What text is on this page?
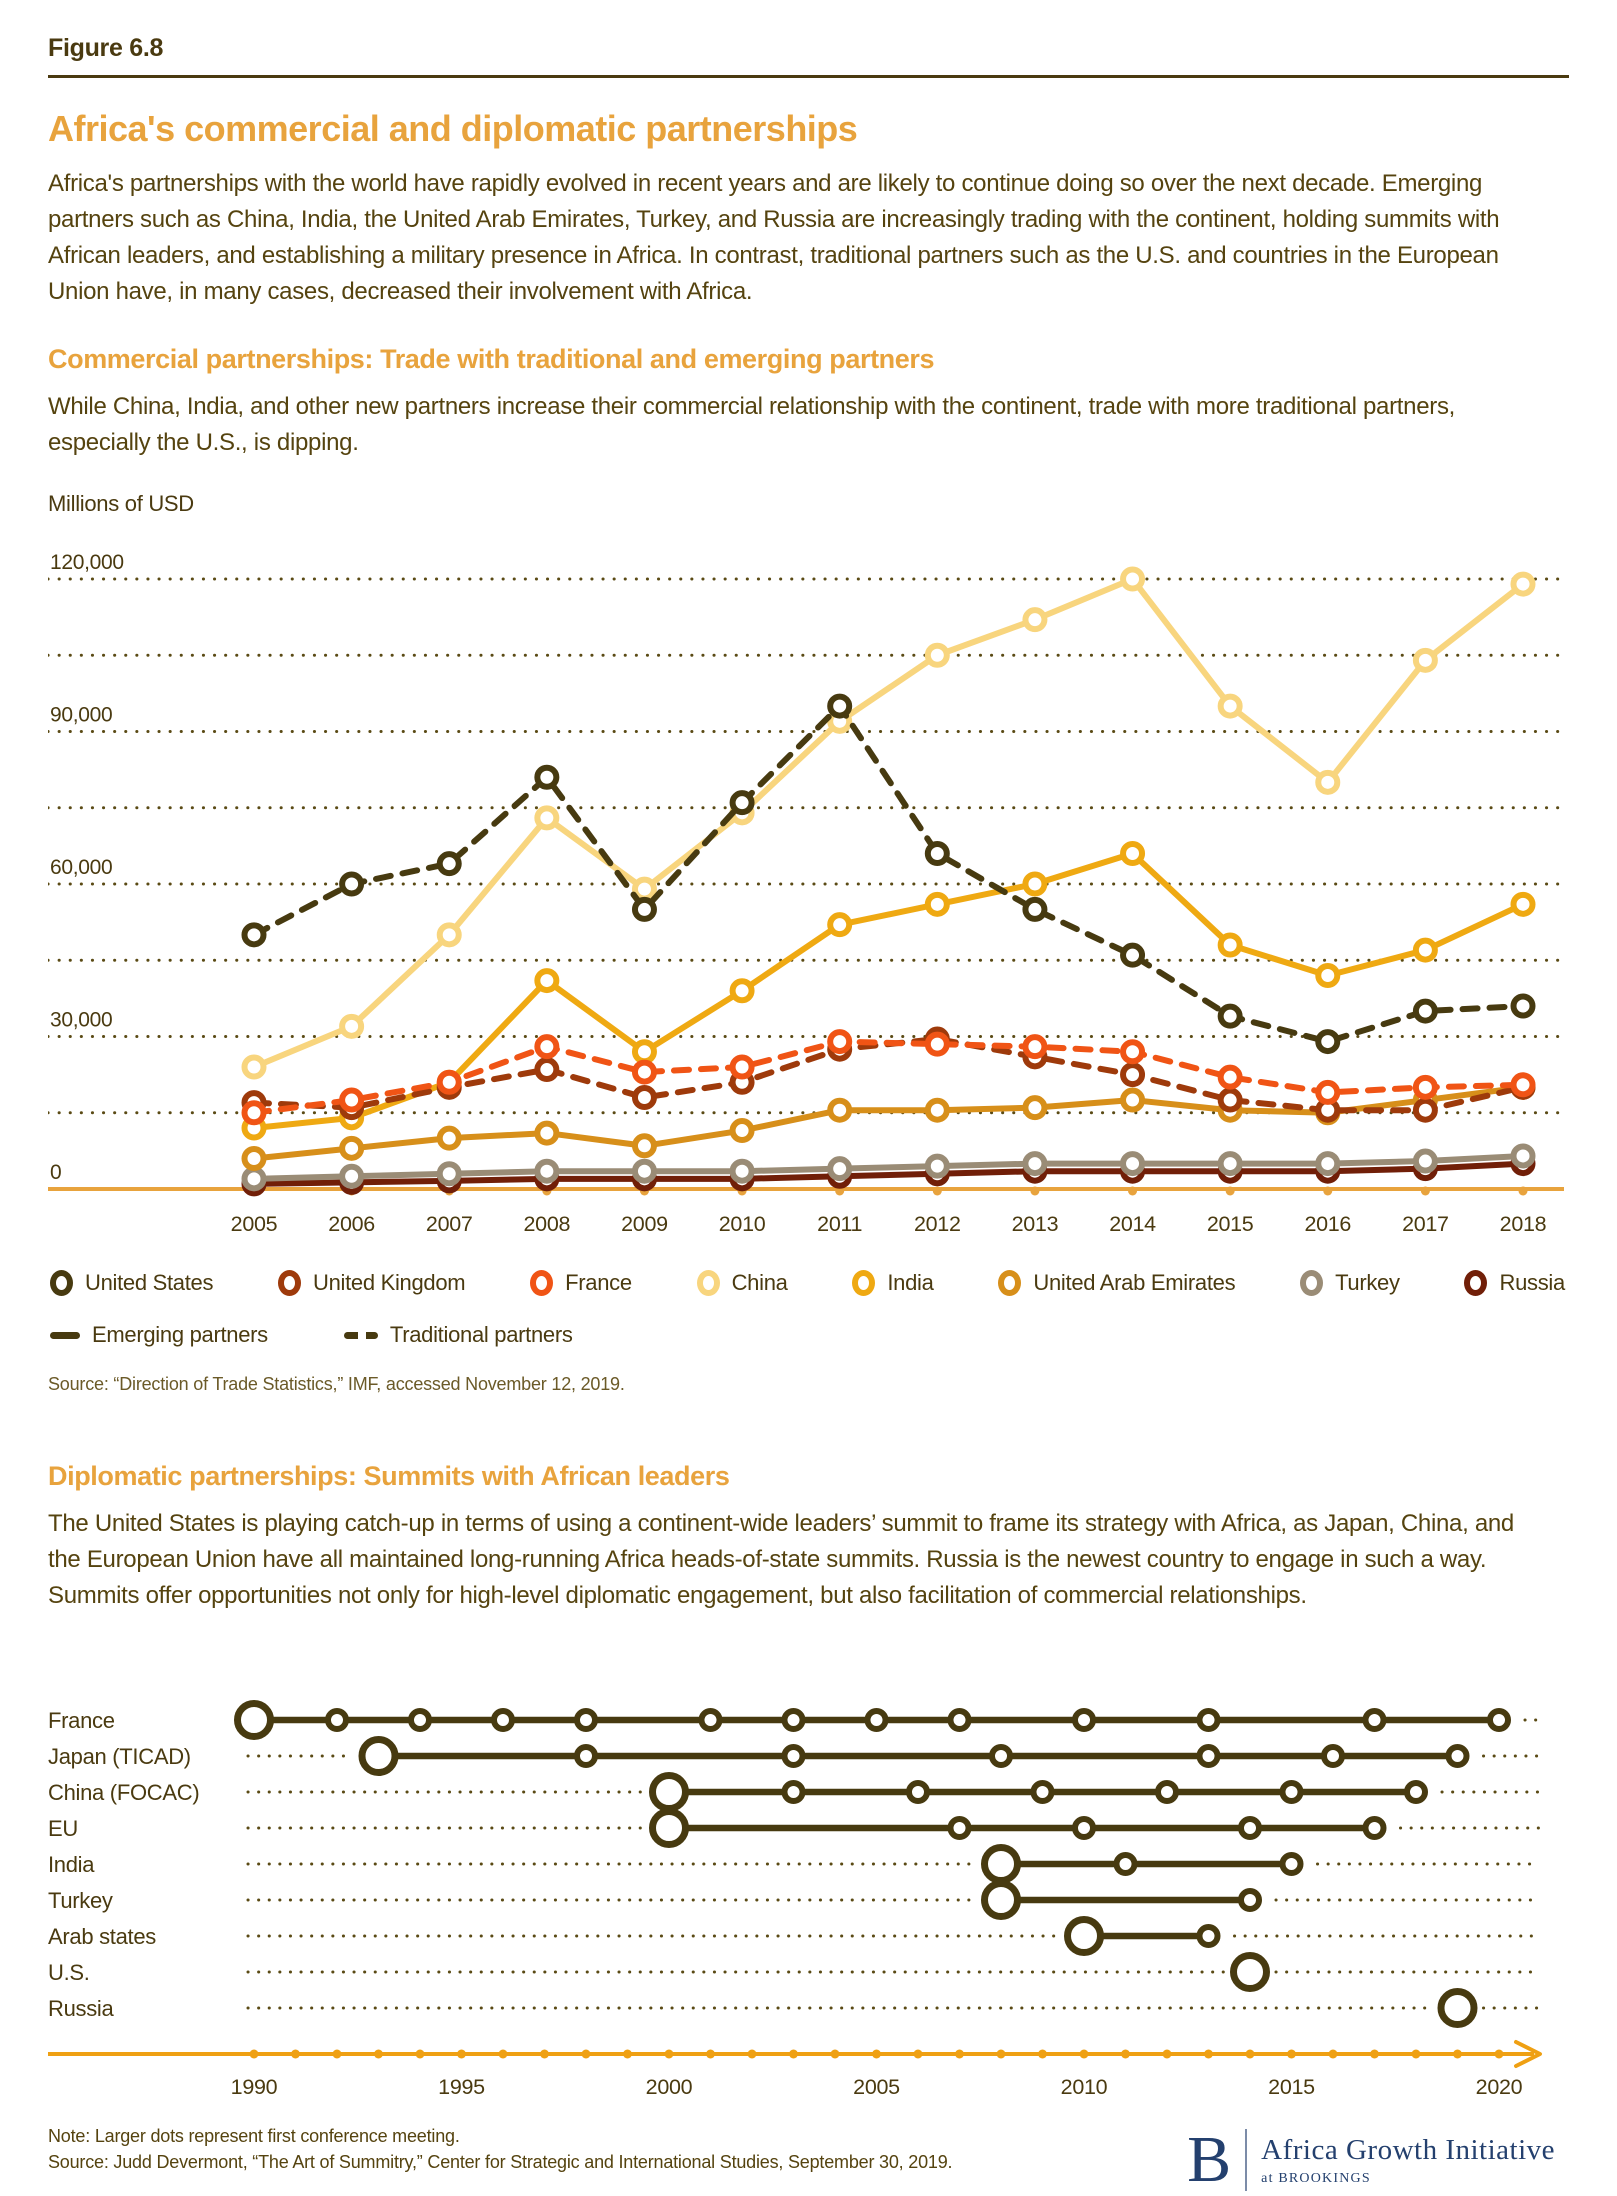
Figure 6.8
Africa's commercial and diplomatic partnerships

Africa's partnerships with the world have rapidly evolved in recent years and are likely to continue doing so over the next decade. Emerging partners such as China, India, the United Arab Emirates, Turkey, and Russia are increasingly trading with the continent, holding summits with African leaders, and establishing a military presence in Africa. In contrast, traditional partners such as the U.S. and countries in the European Union have, in many cases, decreased their involvement with Africa.

Commercial partnerships: Trade with traditional and emerging partners

While China, India, and other new partners increase their commercial relationship with the continent, trade with more traditional partners, especially the U.S., is dipping.

Millions of USD
120,000
90,000
60,000
30,000
0
2005 2006 2007 2008 2009 2010 2011 2012 2013 2014 2015 2016 2017 2018
United States	United Kingdom	France	China	India	United Arab Emirates	Turkey	Russia
Emerging partners	Traditional partners

Source: “Direction of Trade Statistics,” IMF, accessed November 12, 2019.

Diplomatic partnerships: Summits with African leaders

The United States is playing catch-up in terms of using a continent-wide leaders’ summit to frame its strategy with Africa, as Japan, China, and the European Union have all maintained long-running Africa heads-of-state summits. Russia is the newest country to engage in such a way. Summits offer opportunities not only for high-level diplomatic engagement, but also facilitation of commercial relationships.

France
Japan (TICAD)
China (FOCAC)
EU
India
Turkey
Arab states
U.S.
Russia
1990	1995	2000	2005	2010	2015	2020
Note: Larger dots represent first conference meeting.
Source: Judd Devermont, “The Art of Summitry,” Center for Strategic and International Studies, September 30, 2019.	B Africa Growth Initiative
at BROOKINGS
